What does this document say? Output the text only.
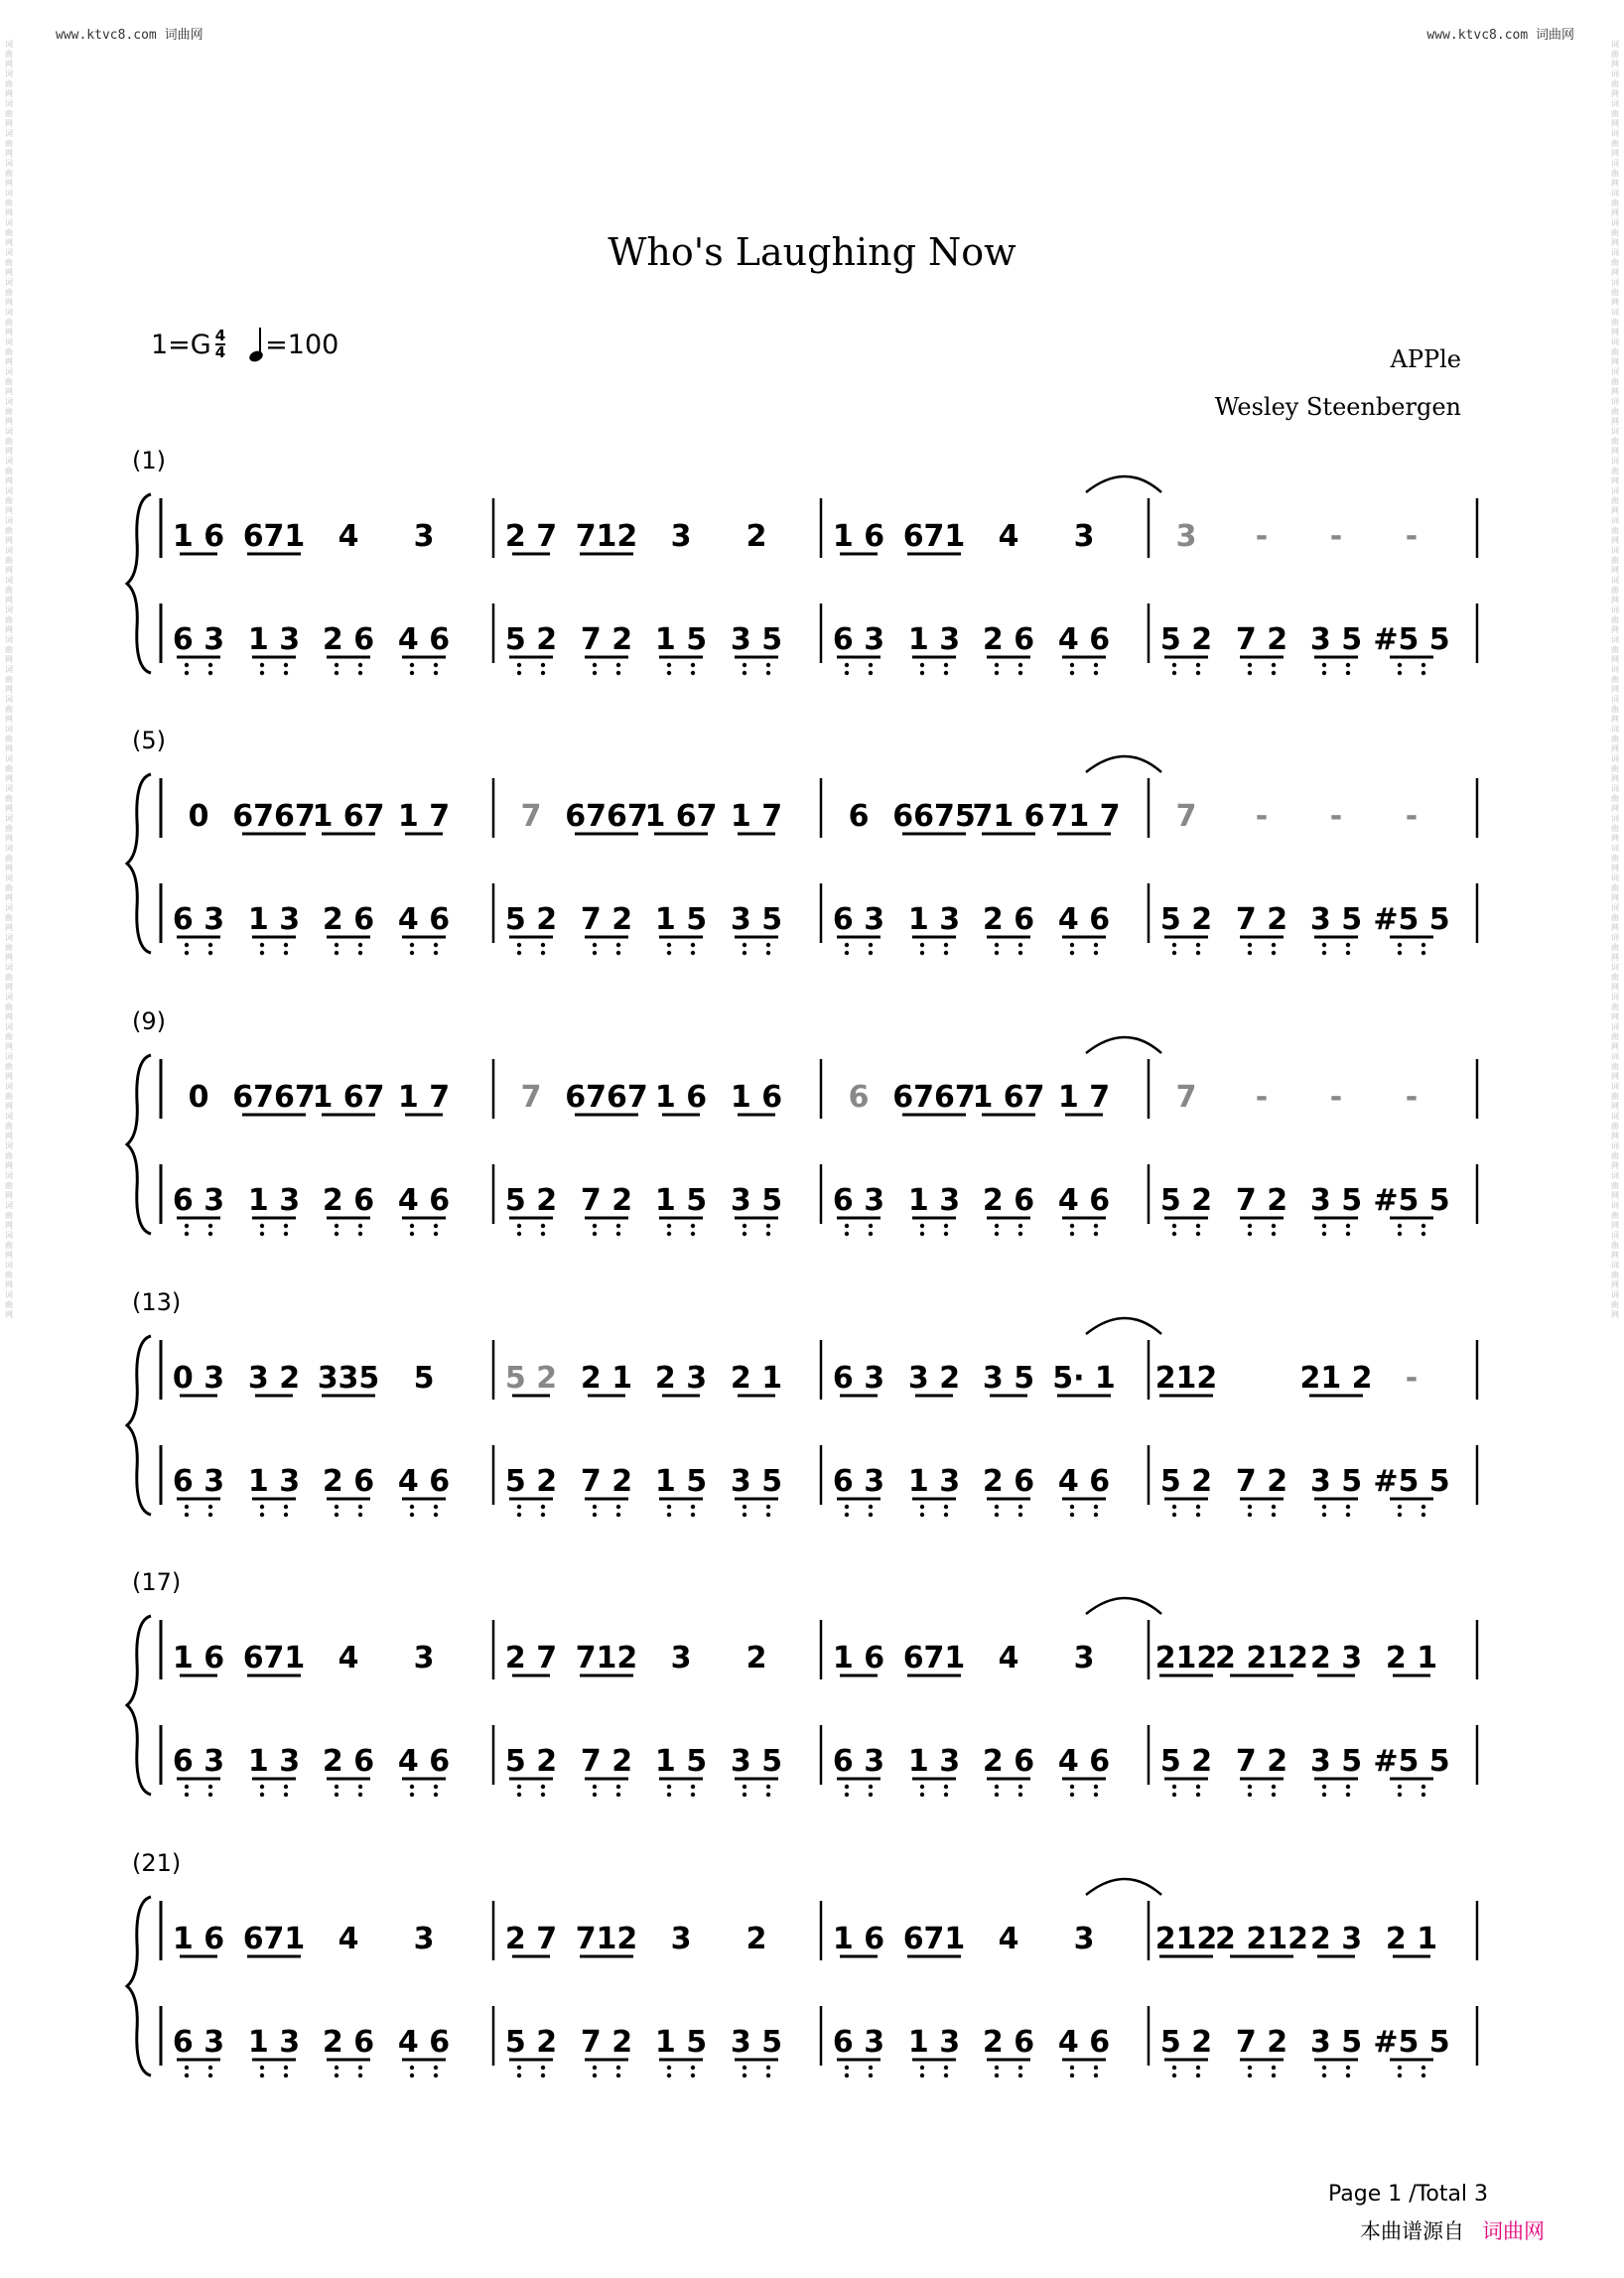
www.ktvc8.com 词曲网	www.ktvc8.com 词曲网
词曲网词曲网词曲网词曲网词曲网词曲网词曲网词曲网词曲网词曲网词曲网词曲网词曲网词曲网词曲网词曲网词曲网词曲网词曲网词曲网词曲网词曲网词曲网词曲网词曲网词曲网词曲网词曲网词曲网词曲网词曲网词曲网词曲网词曲网词曲网词曲网词曲网词曲网词曲网词曲网词曲网词曲网词曲网
词曲网词曲网词曲网词曲网词曲网词曲网词曲网词曲网词曲网词曲网词曲网词曲网词曲网词曲网词曲网词曲网词曲网词曲网词曲网词曲网词曲网词曲网词曲网词曲网词曲网词曲网词曲网词曲网词曲网词曲网词曲网词曲网词曲网词曲网词曲网词曲网词曲网词曲网词曲网词曲网词曲网词曲网词曲网
Who's Laughing Now
$1=G \frac{4}{4} =100$	APPle
Wesley Steenbergen
(1)
1 6 671 4 3 2 7 712 3 2 1 6 671 4 3	3 - - -
6 3 1 3 2 6 4 6 5 2 7 2 1 5 3 5 6 3 1 3 2 6 4 6 5 2 7 2 3 5 #5 5
(5)
0 6767
1 67 1 7 7 6767
1 67 1 7 6 6675
71 6 71 7 7 - - -
6 3 1 3 2 6 4 6 5 2 7 2 1 5 3 5 6 3 1 3 2 6 4 6 5 2 7 2 3 5 #5 5
(9)
0 6767
1 67 1 7 7 6767 1 6 1 6 6 6767
1 67 1 7 7 - - -
6 3 1 3 2 6 4 6 5 2 7 2 1 5 3 5 6 3 1 3 2 6 4 6 5 2 7 2 3 5 #5 5
(13)
0 3 3 2 335 5 5 2 2 1 2 3 2 1 6 3 3 2 3 5 5· 1 212	21 2 -
6 3 1 3 2 6 4 6 5 2 7 2 1 5 3 5 6 3 1 3 2 6 4 6 5 2 7 2 3 5 #5 5
(17)
1 6 671 4 3 2 7 712 3 2 1 6 671 4 3 212
2 212 2 3 2 1
6 3 1 3 2 6 4 6 5 2 7 2 1 5 3 5 6 3 1 3 2 6 4 6 5 2 7 2 3 5 #5 5
(21)
1 6 671 4 3 2 7 712 3 2 1 6 671 4 3 212
2 212 2 3 2 1
6 3 1 3 2 6 4 6 5 2 7 2 1 5 3 5 6 3 1 3 2 6 4 6 5 2 7 2 3 5 #5 5
Page 1 /Total 3
本曲谱源自 词曲网
